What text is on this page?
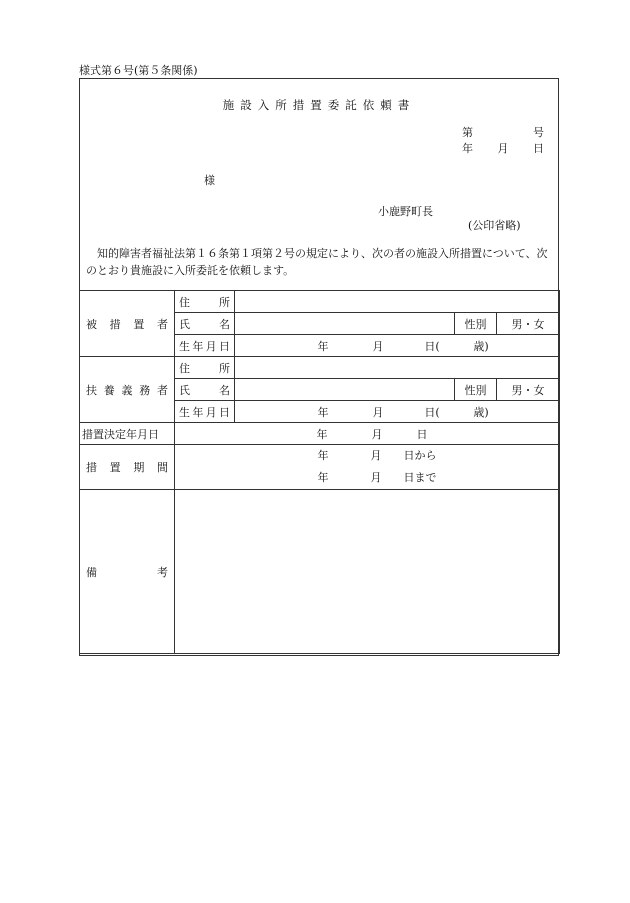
様式第６号(第５条関係)
施設入所措置委託依頼書
第	号
年 月 日
様
小鹿野町長
(公印省略)
知的障害者福祉法第１６条第１項第２号の規定により、次の者の施設入所措置について、次のとおり貴施設に入所委託を依頼します。
被措置者	住　所			
	氏　名		性別	男・女
	生年月日	年 月 日( 歳)		
扶養義務者	住　所			
	氏　名		性別	男・女
	生年月日	年 月 日( 歳)		
措置決定年月日	年 月 日			
措置期間	年 月 日から
年 月 日まで			

備考				
